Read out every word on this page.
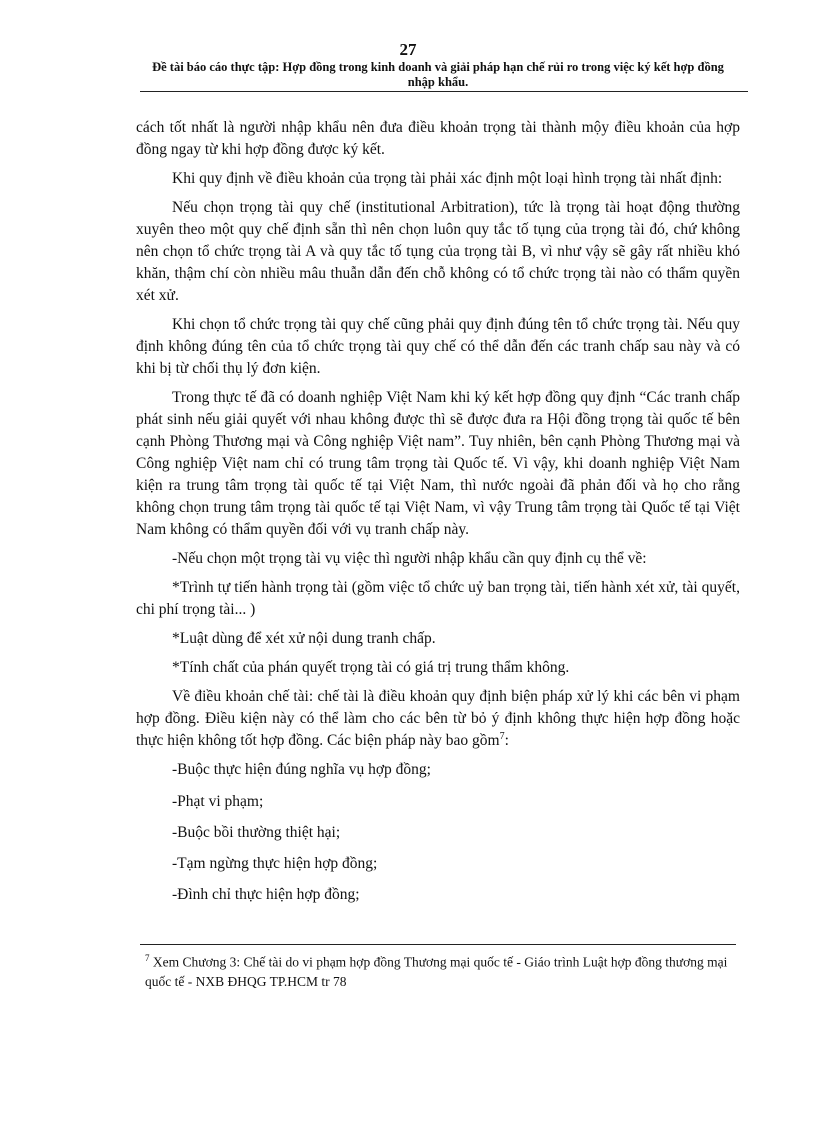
27
Đề tài báo cáo thực tập: Hợp đồng trong kinh doanh và giải pháp hạn chế rủi ro trong việc ký kết hợp đồng nhập khẩu.

cách tốt nhất là người nhập khẩu nên đưa điều khoản trọng tài thành mộy điều khoản của hợp đồng ngay từ khi hợp đồng được ký kết.

Khi quy định về điều khoản của trọng tài phải xác định một loại hình trọng tài nhất định:

Nếu chọn trọng tài quy chế (institutional Arbitration), tức là trọng tài hoạt động thường xuyên theo một quy chế định sẵn thì nên chọn luôn quy tắc tố tụng của trọng tài đó, chứ không nên chọn tổ chức trọng tài A và quy tắc tố tụng của trọng tài B, vì như vậy sẽ gây rất nhiều khó khăn, thậm chí còn nhiều mâu thuẫn dẫn đến chỗ không có tổ chức trọng tài nào có thẩm quyền xét xử.

Khi chọn tổ chức trọng tài quy chế cũng phải quy định đúng tên tổ chức trọng tài. Nếu quy định không đúng tên của tổ chức trọng tài quy chế có thể dẫn đến các tranh chấp sau này và có khi bị từ chối thụ lý đơn kiện.

Trong thực tế đã có doanh nghiệp Việt Nam khi ký kết hợp đồng quy định “Các tranh chấp phát sinh nếu giải quyết với nhau không được thì sẽ được đưa ra Hội đồng trọng tài quốc tế bên cạnh Phòng Thương mại và Công nghiệp Việt nam”. Tuy nhiên, bên cạnh Phòng Thương mại và Công nghiệp Việt nam chỉ có trung tâm trọng tài Quốc tế. Vì vậy, khi doanh nghiệp Việt Nam kiện ra trung tâm trọng tài quốc tế tại Việt Nam, thì nước ngoài đã phản đối và họ cho rằng không chọn trung tâm trọng tài quốc tế tại Việt Nam, vì vậy Trung tâm trọng tài Quốc tế tại Việt Nam không có thẩm quyền đối với vụ tranh chấp này.

-Nếu chọn một trọng tài vụ việc thì người nhập khẩu cần quy định cụ thể về:

*Trình tự tiến hành trọng tài (gồm việc tổ chức uỷ ban trọng tài, tiến hành xét xử, tài quyết, chi phí trọng tài... )

*Luật dùng để xét xử nội dung tranh chấp.

*Tính chất của phán quyết trọng tài có giá trị trung thẩm không.

Về điều khoản chế tài: chế tài là điều khoản quy định biện pháp xử lý khi các bên vi phạm hợp đồng. Điều kiện này có thể làm cho các bên từ bỏ ý định không thực hiện hợp đồng hoặc thực hiện không tốt hợp đồng. Các biện pháp này bao gồm$^7$:

-Buộc thực hiện đúng nghĩa vụ hợp đồng;

-Phạt vi phạm;

-Buộc bồi thường thiệt hại;

-Tạm ngừng thực hiện hợp đồng;

-Đình chỉ thực hiện hợp đồng;

$^7$ Xem Chương 3: Chế tài do vi phạm hợp đồng Thương mại quốc tế - Giáo trình Luật hợp đồng thương mại quốc tế - NXB ĐHQG TP.HCM tr 78
